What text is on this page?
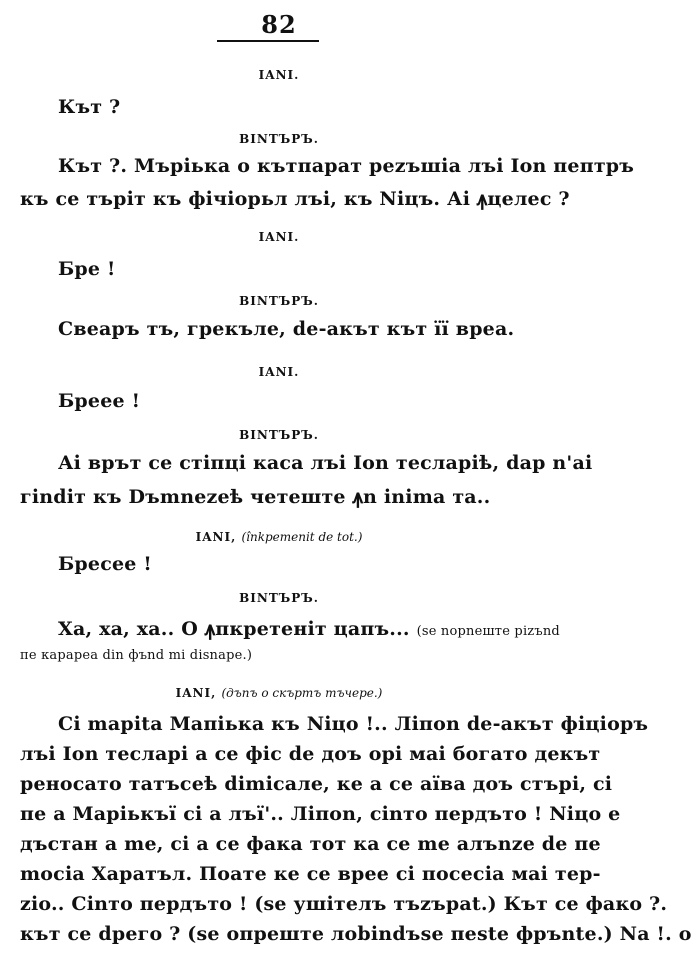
82
IANI.
Кът ?
ВІNТЪРЪ.
Кът ?. Мъріька о кътпарат реzъшіа лъі Ion пептръ
къ се търіт къ фічіорьл лъі, къ Niцъ. Аі ꙟцелес ?
IANI.
Бре !
ВІNТЪРЪ.
Свеаръ тъ, грекъле, de-акът кът її вреа.
IANI.
Бреее !
ВІNТЪРЪ.
Аі врът се стіпці каса лъі Ion тесларіѣ, dар n'aі
гіndіт къ Dъmnezeѣ четеште ꙟn inima та..
IANI, (înkpemenit de tot.)
Бресее !
ВІNТЪРЪ.
Ха, ха, ха.. О ꙟпкретеніт цапъ... (se nopneште pizъnd
пе карареа din фъnd mi disnape.)
IANI, (дъпъ о скъртъ тъчере.)
Ci mapita Мапіька къ Niцо !.. Лiпоn de-акът фіціоръ
лъі Ion тесларі а се фіс de доъ орі маі богато декът
реносато татъсеѣ dimicaле, ке а се аїва доъ стърі, сі
пе а Маріькъї сі а лъї'.. Лiпоn, сіnто пердъто ! Niцо е
дъстан а me, сі а се фака тот ка се me алъnze de пе
mосіа Харатъл. Поате ке се врее сі посесіа маі тер-
zio.. Сіnто пердъто ! (se ушітелъ тъzъpat.) Кът се фако ?.
кът се dрего ? (se опреште лоbindъse пеste фръnte.) Na !. о
